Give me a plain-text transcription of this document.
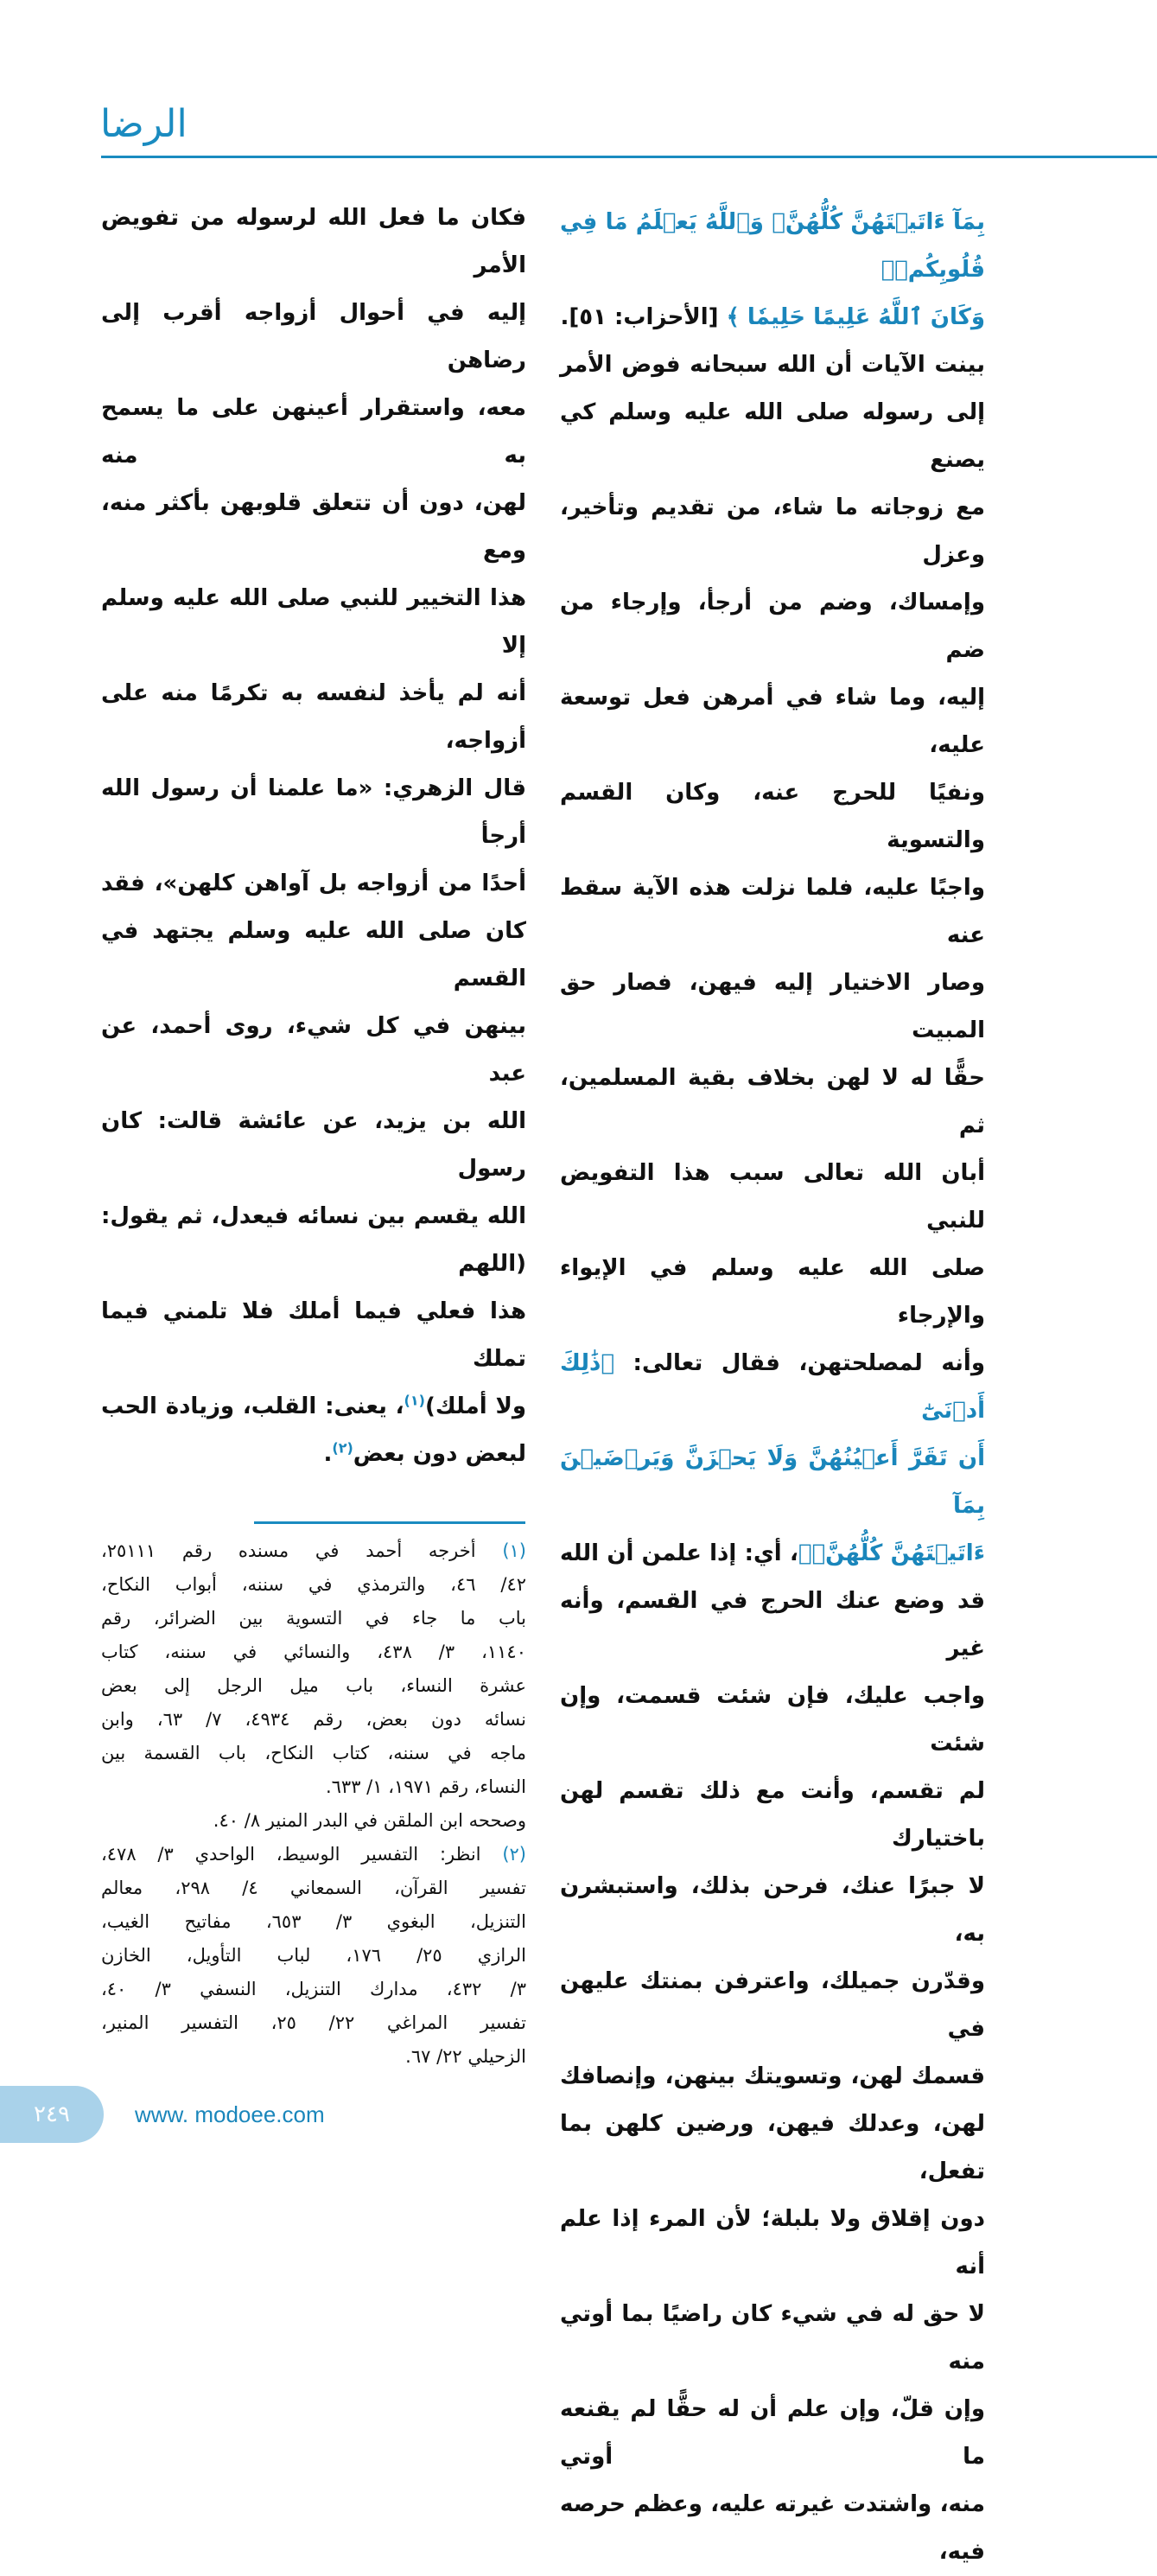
الرضا
بِمَآ ءَاتَيۡتَهُنَّ كُلُّهُنَّۚ وَٱللَّهُ يَعۡلَمُ مَا فِي قُلُوبِكُمۡۚ
وَكَانَ ٱللَّهُ عَلِيمًا حَلِيمٗا ﴾ [الأحزاب: ٥١].
بينت الآيات أن الله سبحانه فوض الأمر
إلى رسوله صلى الله عليه وسلم كي يصنع
مع زوجاته ما شاء، من تقديم وتأخير، وعزل
وإمساك، وضم من أرجأ، وإرجاء من ضم
إليه، وما شاء في أمرهن فعل توسعة عليه،
ونفيًا للحرج عنه، وكان القسم والتسوية
واجبًا عليه، فلما نزلت هذه الآية سقط عنه
وصار الاختيار إليه فيهن، فصار حق المبيت
حقًّا له لا لهن بخلاف بقية المسلمين، ثم
أبان الله تعالى سبب هذا التفويض للنبي
صلى الله عليه وسلم في الإيواء والإرجاء
وأنه لمصلحتهن، فقال تعالى: ﴿ذَٰلِكَ أَدۡنَىٰٓ
أَن تَقَرَّ أَعۡيُنُهُنَّ وَلَا يَحۡزَنَّ وَيَرۡضَيۡنَ بِمَآ
ءَاتَيۡتَهُنَّ كُلُّهُنَّۚ﴾، أي: إذا علمن أن الله
قد وضع عنك الحرج في القسم، وأنه غير
واجب عليك، فإن شئت قسمت، وإن شئت
لم تقسم، وأنت مع ذلك تقسم لهن باختيارك
لا جبرًا عنك، فرحن بذلك، واستبشرن به،
وقدّرن جميلك، واعترفن بمنتك عليهن في
قسمك لهن، وتسويتك بينهن، وإنصافك
لهن، وعدلك فيهن، ورضين كلهن بما تفعل،
دون إقلاق ولا بلبلة؛ لأن المرء إذا علم أنه
لا حق له في شيء كان راضيًا بما أوتي منه
وإن قلّ، وإن علم أن له حقًّا لم يقنعه ما أوتي
منه، واشتدت غيرته عليه، وعظم حرصه فيه،
فكان ما فعل الله لرسوله من تفويض الأمر
إليه في أحوال أزواجه أقرب إلى رضاهن
معه، واستقرار أعينهن على ما يسمح به منه
لهن، دون أن تتعلق قلوبهن بأكثر منه، ومع
هذا التخيير للنبي صلى الله عليه وسلم إلا
أنه لم يأخذ لنفسه به تكرمًا منه على أزواجه،
قال الزهري: «ما علمنا أن رسول الله أرجأ
أحدًا من أزواجه بل آواهن كلهن»، فقد
كان صلى الله عليه وسلم يجتهد في القسم
بينهن في كل شيء، روى أحمد، عن عبد
الله بن يزيد، عن عائشة قالت: كان رسول
الله يقسم بين نسائه فيعدل، ثم يقول: (اللهم
هذا فعلي فيما أملك فلا تلمني فيما تملك
ولا أملك)$^{(١)}$، يعنى: القلب، وزيادة الحب
لبعض دون بعض$^{(٢)}$.
(١) أخرجه أحمد في مسنده رقم ٢٥١١١،
٤٢/ ٤٦، والترمذي في سننه، أبواب النكاح،
باب ما جاء في التسوية بين الضرائر، رقم
١١٤٠، ٣/ ٤٣٨، والنسائي في سننه، كتاب
عشرة النساء، باب ميل الرجل إلى بعض
نسائه دون بعض، رقم ٤٩٣٤، ٧/ ٦٣، وابن
ماجه في سننه، كتاب النكاح، باب القسمة بين
النساء، رقم ١٩٧١، ١/ ٦٣٣.
وصححه ابن الملقن في البدر المنير ٨/ ٤٠.
(٢) انظر: التفسير الوسيط، الواحدي ٣/ ٤٧٨،
تفسير القرآن، السمعاني ٤/ ٢٩٨، معالم
التنزيل، البغوي ٣/ ٦٥٣، مفاتيح الغيب،
الرازي ٢٥/ ١٧٦، لباب التأويل، الخازن
٣/ ٤٣٢، مدارك التنزيل، النسفي ٣/ ٤٠،
تفسير المراغي ٢٢/ ٢٥، التفسير المنير،
الزحيلي ٢٢/ ٦٧.
٢٤٩	www. modoee.com
